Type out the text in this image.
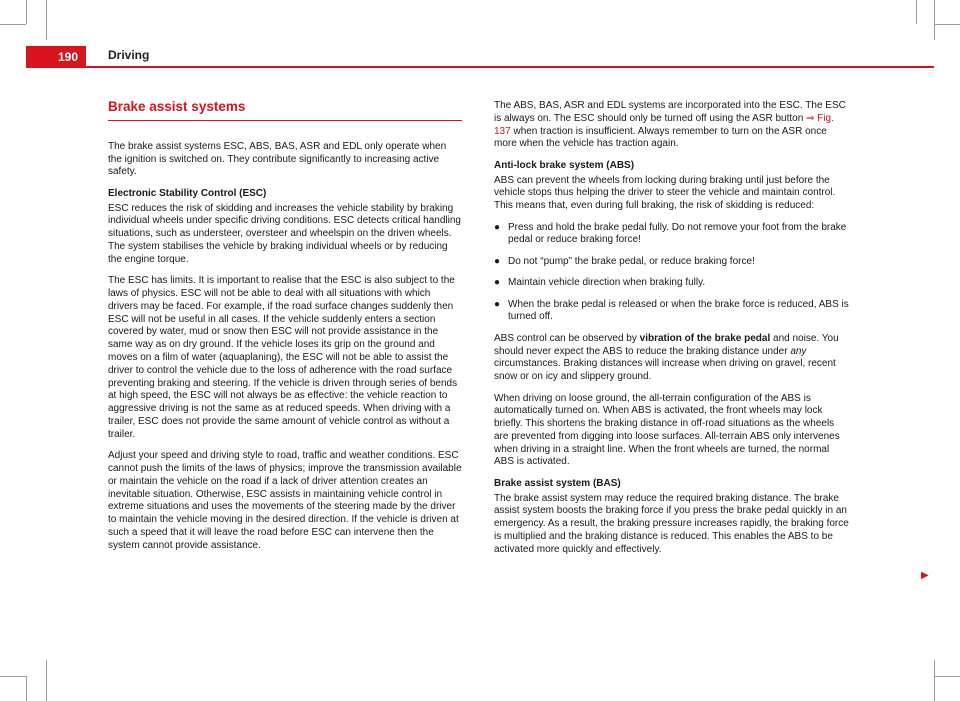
190	Driving
Brake assist systems

The brake assist systems ESC, ABS, BAS, ASR and EDL only operate when the ignition is switched on. They contribute significantly to increasing active safety.

Electronic Stability Control (ESC)

ESC reduces the risk of skidding and increases the vehicle stability by braking individual wheels under specific driving conditions. ESC detects critical handling situations, such as understeer, oversteer and wheelspin on the driven wheels. The system stabilises the vehicle by braking individual wheels or by reducing the engine torque.

The ESC has limits. It is important to realise that the ESC is also subject to the laws of physics. ESC will not be able to deal with all situations with which drivers may be faced. For example, if the road surface changes suddenly then ESC will not be useful in all cases. If the vehicle suddenly enters a section covered by water, mud or snow then ESC will not provide assistance in the same way as on dry ground. If the vehicle loses its grip on the ground and moves on a film of water (aquaplaning), the ESC will not be able to assist the driver to control the vehicle due to the loss of adherence with the road surface preventing braking and steering. If the vehicle is driven through series of bends at high speed, the ESC will not always be as effective: the vehicle reaction to aggressive driving is not the same as at reduced speeds. When driving with a trailer, ESC does not provide the same amount of vehicle control as without a trailer.

Adjust your speed and driving style to road, traffic and weather conditions. ESC cannot push the limits of the laws of physics; improve the transmission available or maintain the vehicle on the road if a lack of driver attention creates an inevitable situation. Otherwise, ESC assists in maintaining vehicle control in extreme situations and uses the movements of the steering made by the driver to maintain the vehicle moving in the desired direction. If the vehicle is driven at such a speed that it will leave the road before ESC can intervene then the system cannot provide assistance.

The ABS, BAS, ASR and EDL systems are incorporated into the ESC. The ESC is always on. The ESC should only be turned off using the ASR button ⇒ Fig. 137 when traction is insufficient. Always remember to turn on the ASR once more when the vehicle has traction again.

Anti-lock brake system (ABS)

ABS can prevent the wheels from locking during braking until just before the vehicle stops thus helping the driver to steer the vehicle and maintain control. This means that, even during full braking, the risk of skidding is reduced:

● Press and hold the brake pedal fully. Do not remove your foot from the brake pedal or reduce braking force!

● Do not “pump” the brake pedal, or reduce braking force!

● Maintain vehicle direction when braking fully.

● When the brake pedal is released or when the brake force is reduced, ABS is turned off.

ABS control can be observed by vibration of the brake pedal and noise. You should never expect the ABS to reduce the braking distance under any circumstances. Braking distances will increase when driving on gravel, recent snow or on icy and slippery ground.

When driving on loose ground, the all-terrain configuration of the ABS is automatically turned on. When ABS is activated, the front wheels may lock briefly. This shortens the braking distance in off-road situations as the wheels are prevented from digging into loose surfaces. All-terrain ABS only intervenes when driving in a straight line. When the front wheels are turned, the normal ABS is activated.

Brake assist system (BAS)

The brake assist system may reduce the required braking distance. The brake assist system boosts the braking force if you press the brake pedal quickly in an emergency. As a result, the braking pressure increases rapidly, the braking force is multiplied and the braking distance is reduced. This enables the ABS to be activated more quickly and effectively.

▶
